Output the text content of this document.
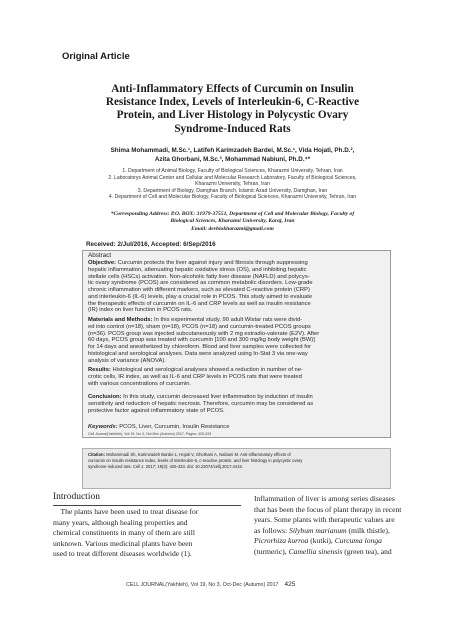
Original Article
Anti-Inflammatory Effects of Curcumin on Insulin
Resistance Index, Levels of Interleukin-6, C-Reactive
Protein, and Liver Histology in Polycystic Ovary
Syndrome-Induced Rats
Shima Mohammadi, M.Sc.¹, Latifeh Karimzadeh Bardei, M.Sc.¹, Vida Hojati, Ph.D.²,
Azita Ghorbani, M.Sc.³, Mohammad Nabiuni, Ph.D.⁴*
1. Department of Animal Biology, Faculty of Biological Sciences, Kharazmi University, Tehran, Iran
2. Laboratorys Animal Center and Cellular and Molecular Research Laboratory, Faculty of Biological Sciences,
Kharazmi University, Tehran, Iran
3. Department of Biology, Damghan Branch, Islamic Azad University, Damghan, Iran
4. Department of Cell and Molecular Biology, Faculty of Biological Sciences, Kharazmi University, Tehran, Iran
*Corresponding Address: P.O. BOX: 31979-37551, Department of Cell and Molecular Biology, Faculty of
Biological Sciences, Kharazmi University, Karaj, Iran
Email: devbiokharazmi@gmail.com
Received: 2/Jul/2016, Accepted: 6/Sep/2016
Abstract
Objective: Curcumin protects the liver against injury and fibrosis through suppressing
hepatic inflammation, attenuating hepatic oxidative stress (OS), and inhibiting hepatic
stellate cells (HSCs) activation. Non-alcoholic fatty liver disease (NAFLD) and polycys-
tic ovary syndrome (PCOS) are considered as common metabolic disorders. Low-grade
chronic inflammation with different markers, such as elevated C-reactive protein (CRP)
and interleukin-6 (IL-6) levels, play a crucial role in PCOS. This study aimed to evaluate
the therapeutic effects of curcumin on IL-6 and CRP levels as well as insulin resistance
(IR) index on liver function in PCOS rats.
Materials and Methods: In this experimental study, 90 adult Wistar rats were divid-
ed into control (n=18), sham (n=18), PCOS (n=18) and curcumin-treated PCOS groups
(n=36). PCOS group was injected subcutaneously with 2 mg estradio-valerate (E2V). After
60 days, PCOS group was treated with curcumin [100 and 300 mg/kg body weight (BW)]
for 14 days and anesthetized by chloroform. Blood and liver samples were collected for
histological and serological analyses. Data were analyzed using In-Stat 3 via one-way
analysis of variance (ANOVA).
Results: Histological and serological analyses showed a reduction in number of ne-
crotic cells, IR index, as well as IL-6 and CRP levels in PCOS rats that were treated
with various concentrations of curcumin.
Conclusion: In this study, curcumin decreased liver inflammation by induction of insulin
sensitivity and reduction of hepatic necrosis. Therefore, curcumin may be considered as
protective factor against inflammatory state of PCOS.
Keywords: PCOS, Liver, Curcumin, Insulin Resistance
Cell Journal(Yakhteh), Vol 19, No 3, Oct-Dec (Autumn) 2017, Pages: 425-433
Citation: Mohammadi Sh, Karimzadeh Bardei L, Hojati V, Ghorbani A, Nabiuni M. Anti-inflammatory effects of
curcumin on insulin resistance index, levels of interleukin-6, c-reactive protein, and liver histology in polycystic ovary
syndrome-induced rats. Cell J. 2017; 19(3): 425-433. doi: 10.22074/cellj.2017.4415.
Introduction
The plants have been used to treat disease for
many years, although healing properties and
chemical constituents in many of them are still
unknown. Various medicinal plants have been
used to treat different diseases worldwide (1).
Inflammation of liver is among series diseases
that has been the focus of plant therapy in recent
years. Some plants with therapeutic values are
as follows: Silybum marianum (milk thistle),
Picrorhiza kurroa (kutki), Curcuma longa
(turmeric), Camellia sinensis (green tea), and
CELL JOURNAL(Yakhteh), Vol 19, No 3, Oct-Dec (Autumn) 2017 425
